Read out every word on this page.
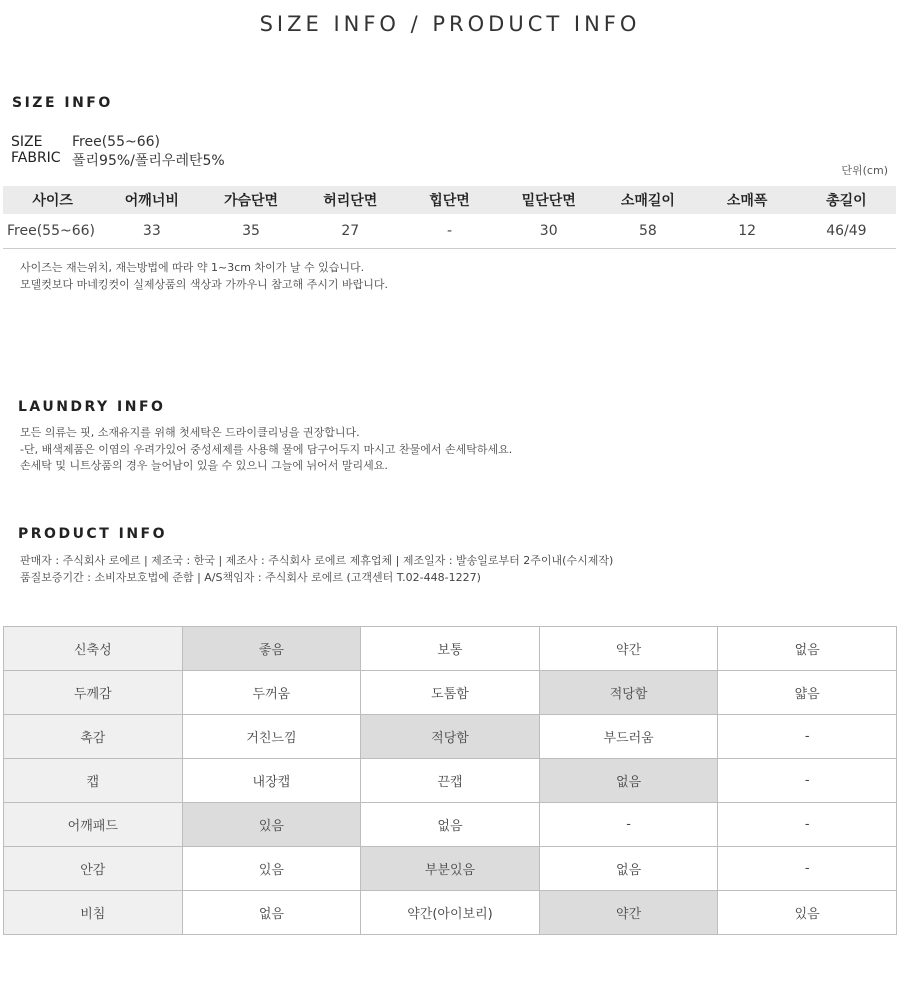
SIZE INFO / PRODUCT INFO
SIZE INFO
SIZE Free(55~66)
FABRIC 폴리95%/폴리우레탄5%
단위(cm)
사이즈	어깨너비	가슴단면	허리단면	힙단면	밑단단면	소매길이	소매폭	총길이
Free(55~66)	33	35	27	-	30	58	12	46/49
사이즈는 재는위치, 재는방법에 따라 약 1~3cm 차이가 날 수 있습니다.
모델컷보다 마네킹컷이 실제상품의 색상과 가까우니 참고해 주시기 바랍니다.
LAUNDRY INFO
모든 의류는 핏, 소재유지를 위해 첫세탁은 드라이클리닝을 권장합니다.
-단, 배색제품은 이염의 우려가있어 중성세제를 사용해 물에 담구어두지 마시고 찬물에서 손세탁하세요.
손세탁 및 니트상품의 경우 늘어남이 있을 수 있으니 그늘에 뉘어서 말리세요.
PRODUCT INFO
판매자 : 주식회사 로에르 | 제조국 : 한국 | 제조사 : 주식회사 로에르 제휴업체 | 제조일자 : 발송일로부터 2주이내(수시제작)
품질보증기간 : 소비자보호법에 준함 | A/S책임자 : 주식회사 로에르 (고객센터 T.02-448-1227)
신축성	좋음	보통	약간	없음
두께감	두꺼움	도톰함	적당함	얇음
촉감	거친느낌	적당함	부드러움	-
캡	내장캡	끈캡	없음	-
어깨패드	있음	없음	-	-
안감	있음	부분있음	없음	-
비침	없음	약간(아이보리)	약간	있음
